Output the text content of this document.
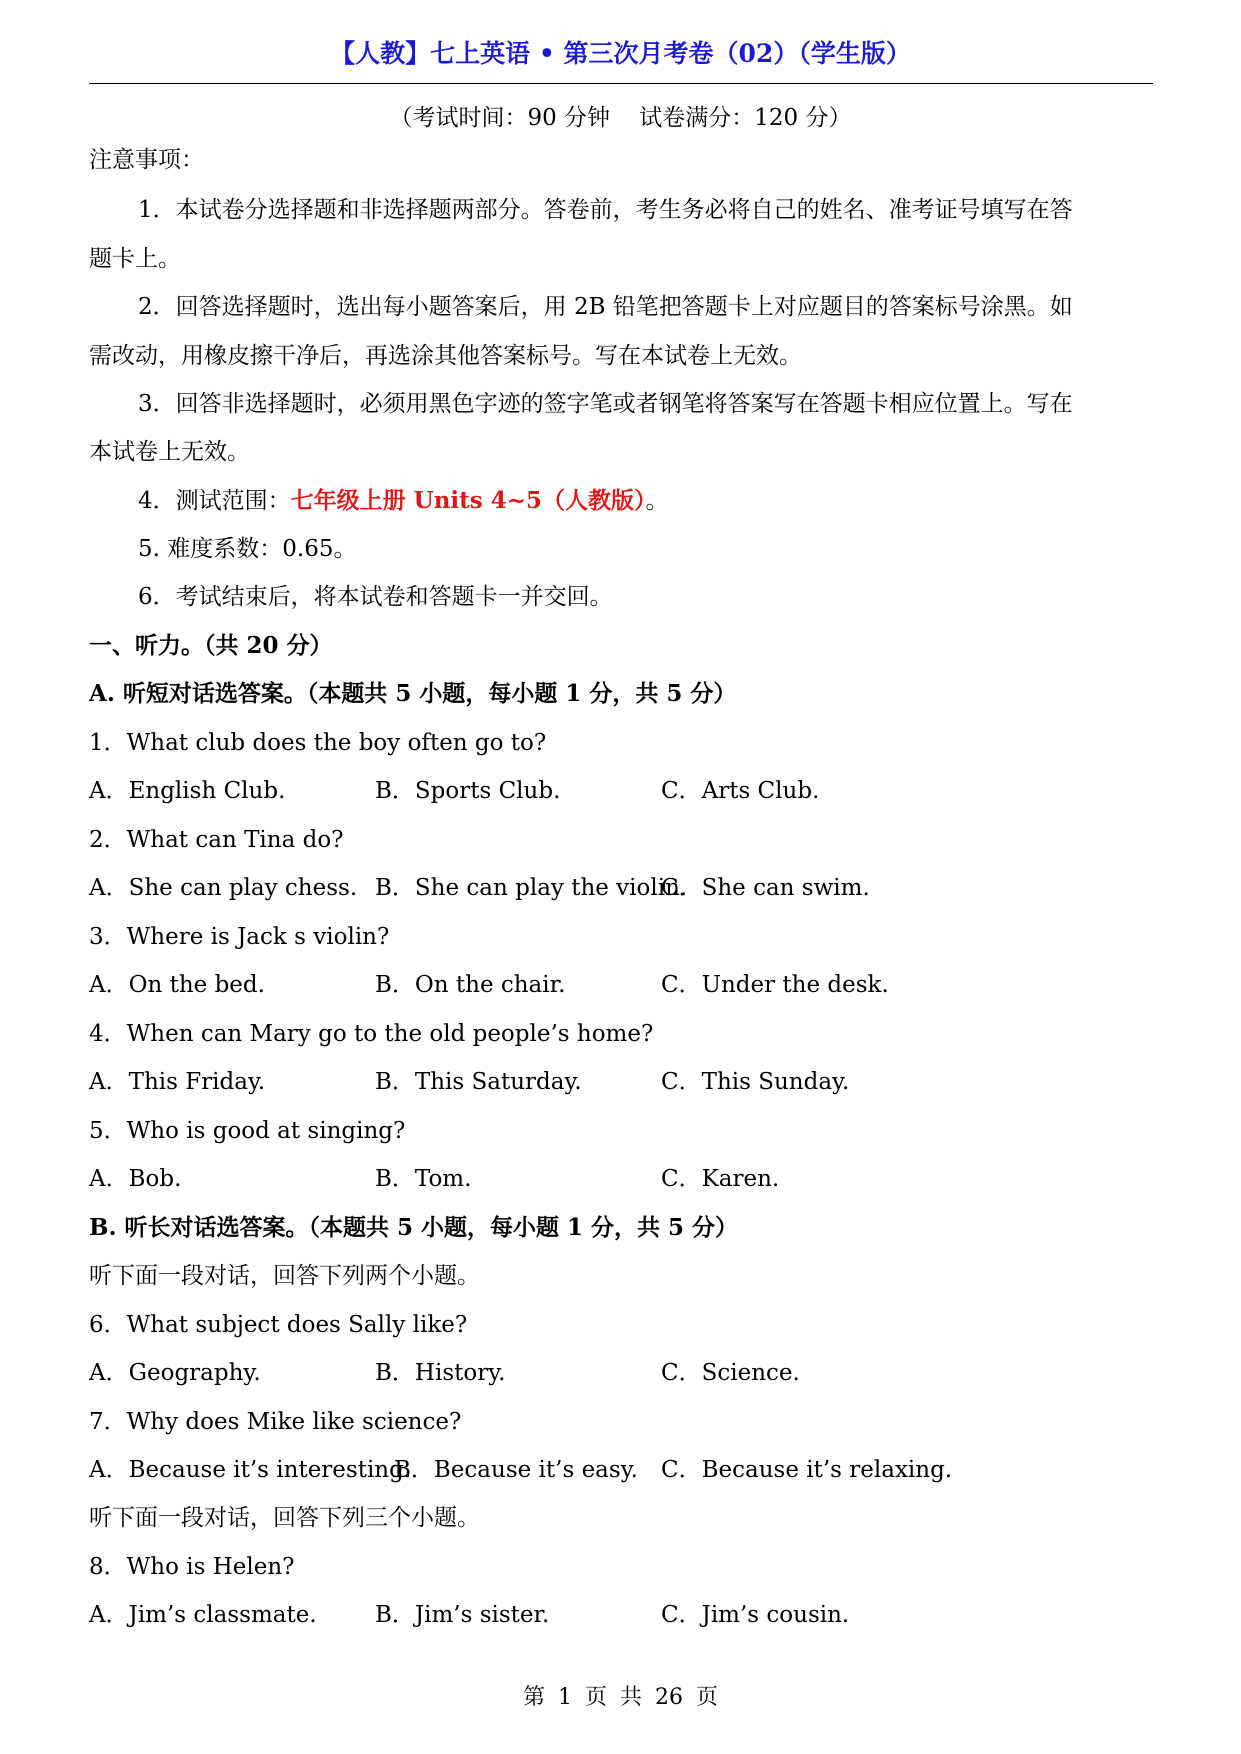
【人教】七上英语 • 第三次月考卷（02）（学生版）
（考试时间：90 分钟    试卷满分：120 分）
注意事项：
1．本试卷分选择题和非选择题两部分。答卷前，考生务必将自己的姓名、准考证号填写在答
题卡上。
2．回答选择题时，选出每小题答案后，用 2B 铅笔把答题卡上对应题目的答案标号涂黑。如
需改动，用橡皮擦干净后，再选涂其他答案标号。写在本试卷上无效。
3．回答非选择题时，必须用黑色字迹的签字笔或者钢笔将答案写在答题卡相应位置上。写在
本试卷上无效。
4．测试范围：七年级上册 Units 4~5（人教版）。
5. 难度系数：0.65。
6．考试结束后，将本试卷和答题卡一并交回。
一、听力。（共 20 分）
A. 听短对话选答案。（本题共 5 小题，每小题 1 分，共 5 分）
1．What club does the boy often go to?
A．English Club.	B．Sports Club.	C．Arts Club.
2．What can Tina do?
A．She can play chess. B．She can play the violin.
C．She can swim.
3．Where is Jack s violin?
A．On the bed.	B．On the chair.	C．Under the desk.
4．When can Mary go to the old people’s home?
A．This Friday.	B．This Saturday.	C．This Sunday.
5．Who is good at singing?
A．Bob.	B．Tom.	C．Karen.
B. 听长对话选答案。（本题共 5 小题，每小题 1 分，共 5 分）
听下面一段对话，回答下列两个小题。
6．What subject does Sally like?
A．Geography.	B．History.	C．Science.
7．Why does Mike like science?
A．Because it’s interesting.
B．Because it’s easy. C．Because it’s relaxing.
听下面一段对话，回答下列三个小题。
8．Who is Helen?
A．Jim’s classmate.	B．Jim’s sister.	C．Jim’s cousin.
第 1 页 共 26 页
